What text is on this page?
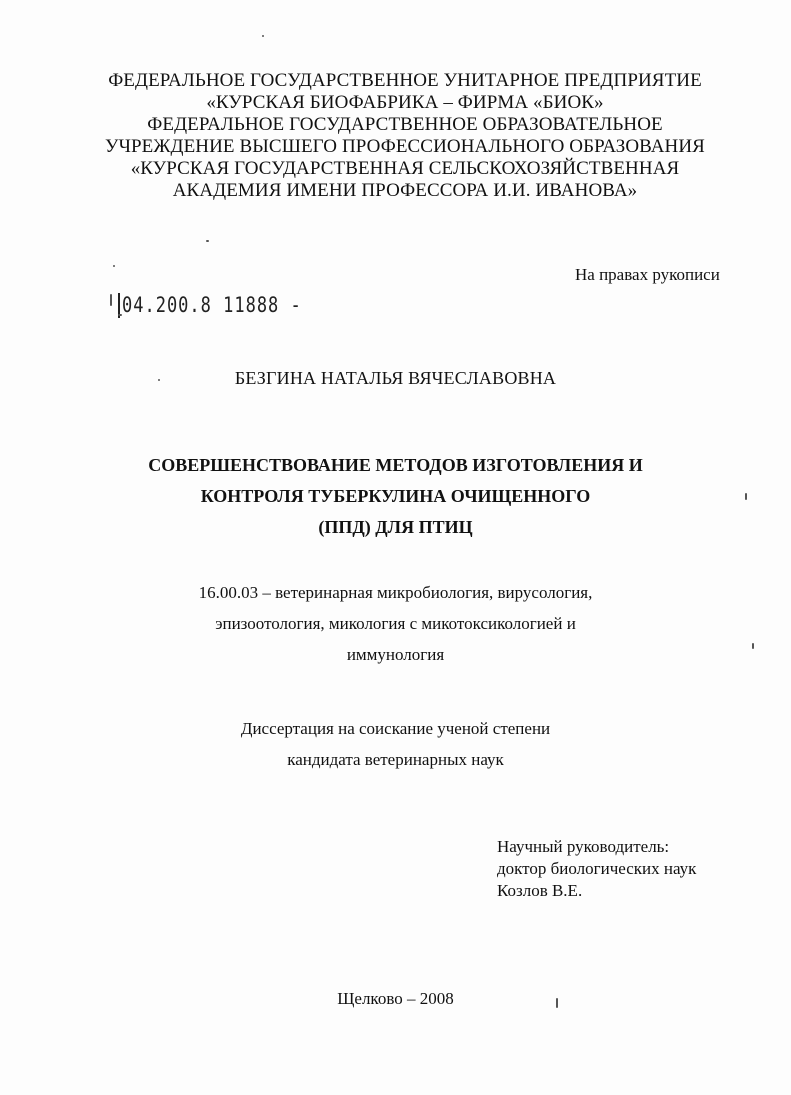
ФЕДЕРАЛЬНОЕ ГОСУДАРСТВЕННОЕ УНИТАРНОЕ ПРЕДПРИЯТИЕ
«КУРСКАЯ БИОФАБРИКА – ФИРМА «БИОК»
ФЕДЕРАЛЬНОЕ ГОСУДАРСТВЕННОЕ ОБРАЗОВАТЕЛЬНОЕ
УЧРЕЖДЕНИЕ ВЫСШЕГО ПРОФЕССИОНАЛЬНОГО ОБРАЗОВАНИЯ
«КУРСКАЯ ГОСУДАРСТВЕННАЯ СЕЛЬСКОХОЗЯЙСТВЕННАЯ
АКАДЕМИЯ ИМЕНИ ПРОФЕССОРА И.И. ИВАНОВА»
На правах рукописи
04.200.8 11888 -
БЕЗГИНА НАТАЛЬЯ ВЯЧЕСЛАВОВНА
СОВЕРШЕНСТВОВАНИЕ МЕТОДОВ ИЗГОТОВЛЕНИЯ И
КОНТРОЛЯ ТУБЕРКУЛИНА ОЧИЩЕННОГО
(ППД) ДЛЯ ПТИЦ
16.00.03 – ветеринарная микробиология, вирусология,
эпизоотология, микология с микотоксикологией и
иммунология
Диссертация на соискание ученой степени
кандидата ветеринарных наук
Научный руководитель:
доктор биологических наук
Козлов В.Е.
Щелково – 2008
